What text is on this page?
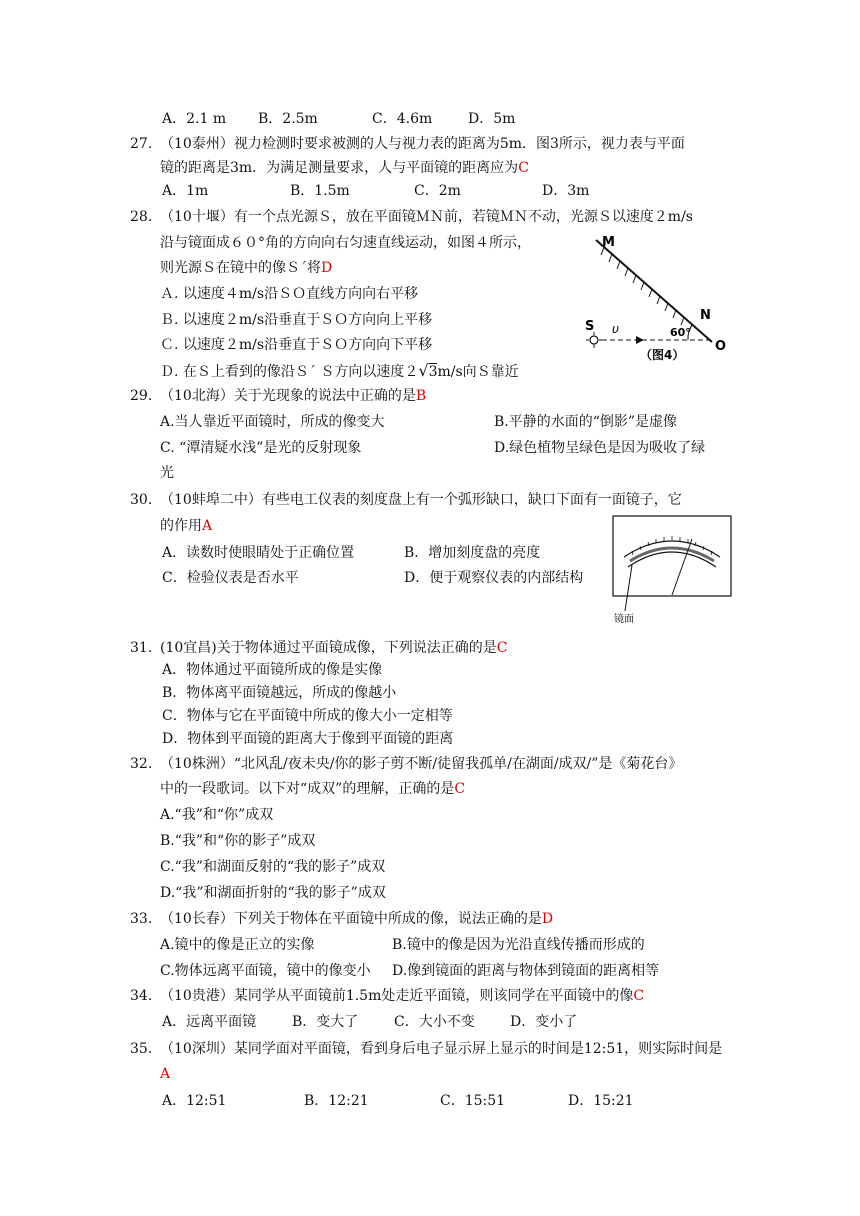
A．2.1 m B．2.5m	C．4.6m	D．5m
27. （10泰州）视力检测时要求被测的人与视力表的距离为5m．图3所示，视力表与平面
镜的距离是3m．为满足测量要求，人与平面镜的距离应为C
A．1m	B．1.5m	C．2m	D．3m
28. （10十堰）有一个点光源Ｓ，放在平面镜ＭＮ前，若镜ＭＮ不动，光源Ｓ以速度２m/s
沿与镜面成６０°角的方向向右匀速直线运动，如图４所示，
则光源Ｓ在镜中的像Ｓˊ将D
Ａ. 以速度４m/s沿ＳＯ直线方向向右平移
Ｂ. 以速度２m/s沿垂直于ＳＯ方向向上平移
Ｃ. 以速度２m/s沿垂直于ＳＯ方向向下平移
Ｄ. 在Ｓ上看到的像沿Ｓˊ Ｓ方向以速度２√3m/s向Ｓ靠近
M
N
S υ	60°
O
（图4）
29. （10北海）关于光现象的说法中正确的是B
A.当人靠近平面镜时，所成的像变大	B.平静的水面的“倒影”是虚像
C. “潭清疑水浅”是光的反射现象	D.绿色植物呈绿色是因为吸收了绿
光
30. （10蚌埠二中）有些电工仪表的刻度盘上有一个弧形缺口，缺口下面有一面镜子，它
的作用A
A．读数时使眼睛处于正确位置	B．增加刻度盘的亮度
C．检验仪表是否水平	D．便于观察仪表的内部结构
镜面
31. (10宜昌)关于物体通过平面镜成像，下列说法正确的是C
A．物体通过平面镜所成的像是实像
B．物体离平面镜越远，所成的像越小
C．物体与它在平面镜中所成的像大小一定相等
D．物体到平面镜的距离大于像到平面镜的距离
32. （10株洲）“北风乱/夜未央/你的影子剪不断/徒留我孤单/在湖面/成双/”是《菊花台》
中的一段歌词。以下对“成双”的理解，正确的是C
A.“我”和“你”成双
B.“我”和“你的影子”成双
C.“我”和湖面反射的“我的影子”成双
D.“我”和湖面折射的“我的影子”成双
33. （10长春）下列关于物体在平面镜中所成的像，说法正确的是D
A.镜中的像是正立的实像	B.镜中的像是因为光沿直线传播而形成的
C.物体远离平面镜，镜中的像变小 D.像到镜面的距离与物体到镜面的距离相等
34. （10贵港）某同学从平面镜前1.5m处走近平面镜，则该同学在平面镜中的像C
A．远离平面镜	B．变大了	C．大小不变	D．变小了
35. （10深圳）某同学面对平面镜，看到身后电子显示屏上显示的时间是12:51，则实际时间是
A
A．12:51	B．12:21	C．15:51	D．15:21
